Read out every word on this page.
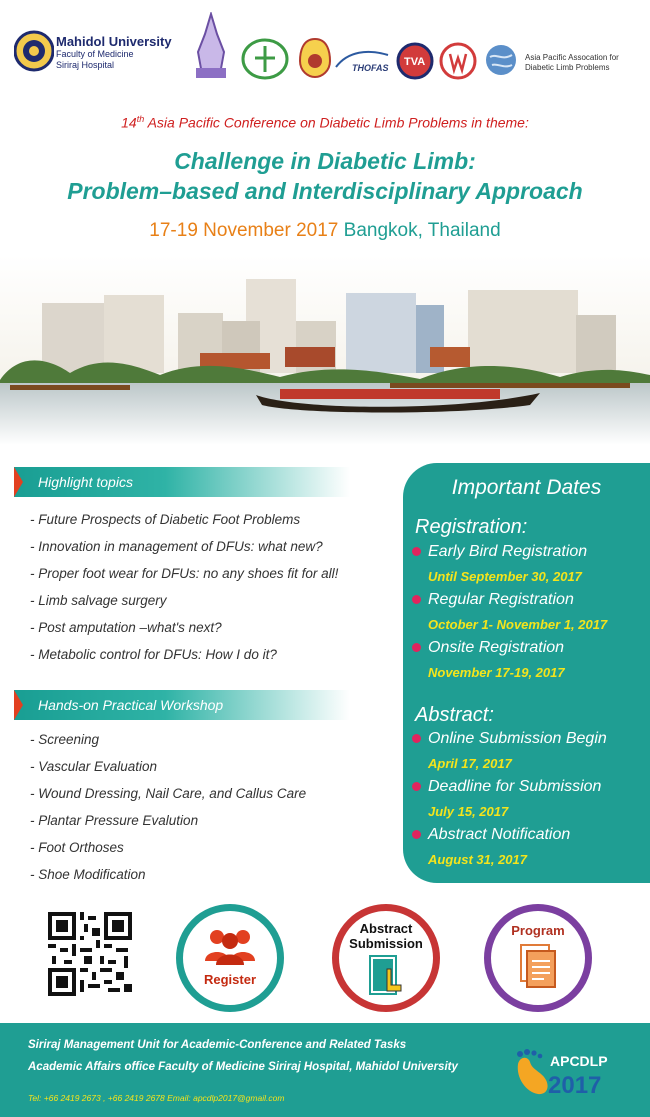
Mahidol University
Faculty of Medicine
Siriraj Hospital	THOFAS TVA	Asia Pacific Assocation for
Diabetic Limb Problems
14th Asia Pacific Conference on Diabetic Limb Problems in theme:
Challenge in Diabetic Limb:
Problem–based and Interdisciplinary Approach
17-19 November 2017 Bangkok, Thailand
Highlight topics
- Future Prospects of Diabetic Foot Problems
- Innovation in management of DFUs: what new?
- Proper foot wear for DFUs: no any shoes fit for all!
- Limb salvage surgery
- Post amputation –what's next?
- Metabolic control for DFUs: How I do it?
Hands-on Practical Workshop
- Screening
- Vascular Evaluation
- Wound Dressing, Nail Care, and Callus Care
- Plantar Pressure Evalution
- Foot Orthoses
- Shoe Modification
Important Dates
Registration:
Early Bird Registration
Until September 30, 2017
Regular Registration
October 1- November 1, 2017
Onsite Registration
November 17-19, 2017
Abstract:
Online Submission Begin
April 17, 2017
Deadline for Submission
July 15, 2017
Abstract Notification
August 31, 2017
Register
Abstract
Submission
Program
Siriraj Management Unit for Academic-Conference and Related Tasks
Academic Affairs office Faculty of Medicine Siriraj Hospital, Mahidol University
Tel: +66 2419 2673 , +66 2419 2678 Email: apcdlp2017@gmail.com
APCDLP
2017
